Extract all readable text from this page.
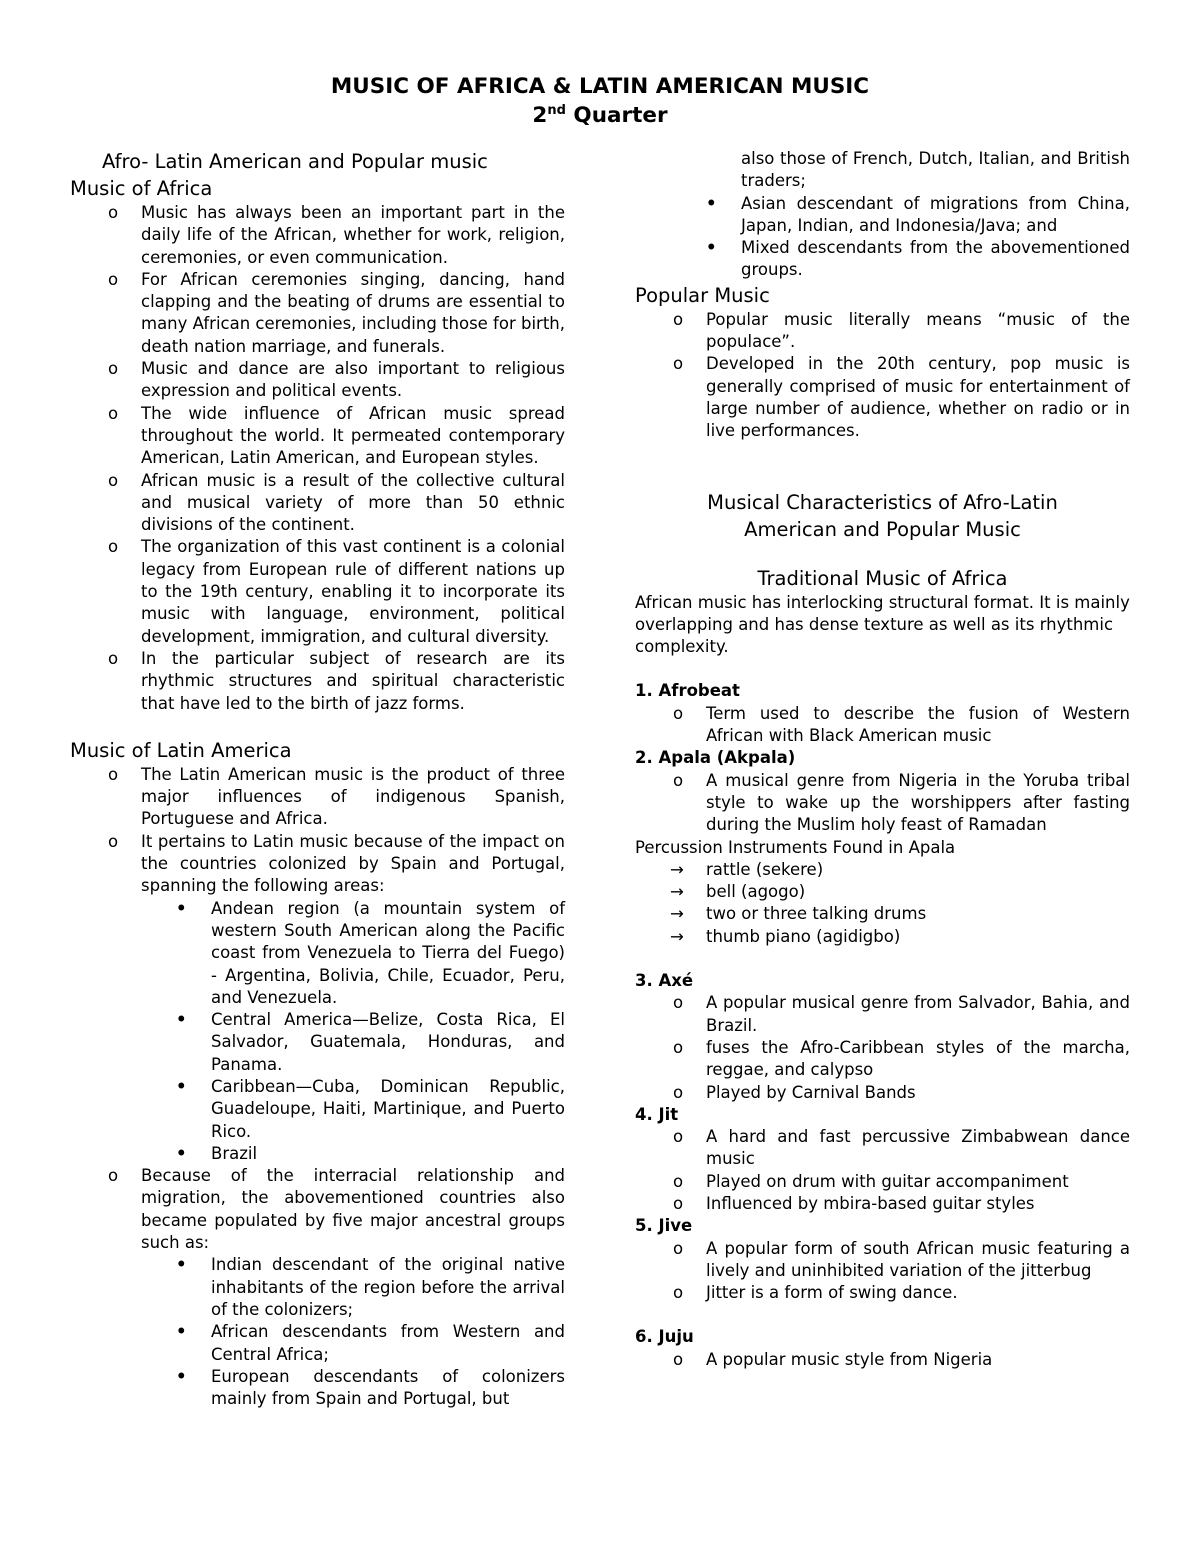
MUSIC OF AFRICA & LATIN AMERICAN MUSIC
2nd Quarter
Afro- Latin American and Popular music
Music of Africa
o Music has always been an important part in the daily life of the African, whether for work, religion, ceremonies, or even communication.
o For African ceremonies singing, dancing, hand clapping and the beating of drums are essential to many African ceremonies, including those for birth, death nation marriage, and funerals.
o Music and dance are also important to religious expression and political events.
o The wide influence of African music spread throughout the world. It permeated contemporary American, Latin American, and European styles.
o African music is a result of the collective cultural and musical variety of more than 50 ethnic divisions of the continent.
o The organization of this vast continent is a colonial legacy from European rule of different nations up to the 19th century, enabling it to incorporate its music with language, environment, political development, immigration, and cultural diversity.
o In the particular subject of research are its rhythmic structures and spiritual characteristic that have led to the birth of jazz forms.
Music of Latin America
o The Latin American music is the product of three major influences of indigenous Spanish, Portuguese and Africa.
o It pertains to Latin music because of the impact on the countries colonized by Spain and Portugal, spanning the following areas:
• Andean region (a mountain system of western South American along the Pacific coast from Venezuela to Tierra del Fuego) - Argentina, Bolivia, Chile, Ecuador, Peru, and Venezuela.
• Central America—Belize, Costa Rica, El Salvador, Guatemala, Honduras, and Panama.
• Caribbean—Cuba, Dominican Republic, Guadeloupe, Haiti, Martinique, and Puerto Rico.
• Brazil
o Because of the interracial relationship and migration, the abovementioned countries also became populated by five major ancestral groups such as:
• Indian descendant of the original native inhabitants of the region before the arrival of the colonizers;
• African descendants from Western and Central Africa;
• European descendants of colonizers mainly from Spain and Portugal, but
also those of French, Dutch, Italian, and British traders;
• Asian descendant of migrations from China, Japan, Indian, and Indonesia/Java; and
• Mixed descendants from the abovementioned groups.
Popular Music
o Popular music literally means “music of the populace”.
o Developed in the 20th century, pop music is generally comprised of music for entertainment of large number of audience, whether on radio or in live performances.
Musical Characteristics of Afro-Latin
American and Popular Music
Traditional Music of Africa
African music has interlocking structural format. It is mainly overlapping and has dense texture as well as its rhythmic complexity.
1. Afrobeat
o Term used to describe the fusion of Western African with Black American music
2. Apala (Akpala)
o A musical genre from Nigeria in the Yoruba tribal style to wake up the worshippers after fasting during the Muslim holy feast of Ramadan
Percussion Instruments Found in Apala
→ rattle (sekere)
→ bell (agogo)
→ two or three talking drums
→ thumb piano (agidigbo)
3. Axé
o A popular musical genre from Salvador, Bahia, and Brazil.
o fuses the Afro-Caribbean styles of the marcha, reggae, and calypso
o Played by Carnival Bands
4. Jit
o A hard and fast percussive Zimbabwean dance music
o Played on drum with guitar accompaniment
o Influenced by mbira-based guitar styles
5. Jive
o A popular form of south African music featuring a lively and uninhibited variation of the jitterbug
o Jitter is a form of swing dance.
6. Juju
o A popular music style from Nigeria
